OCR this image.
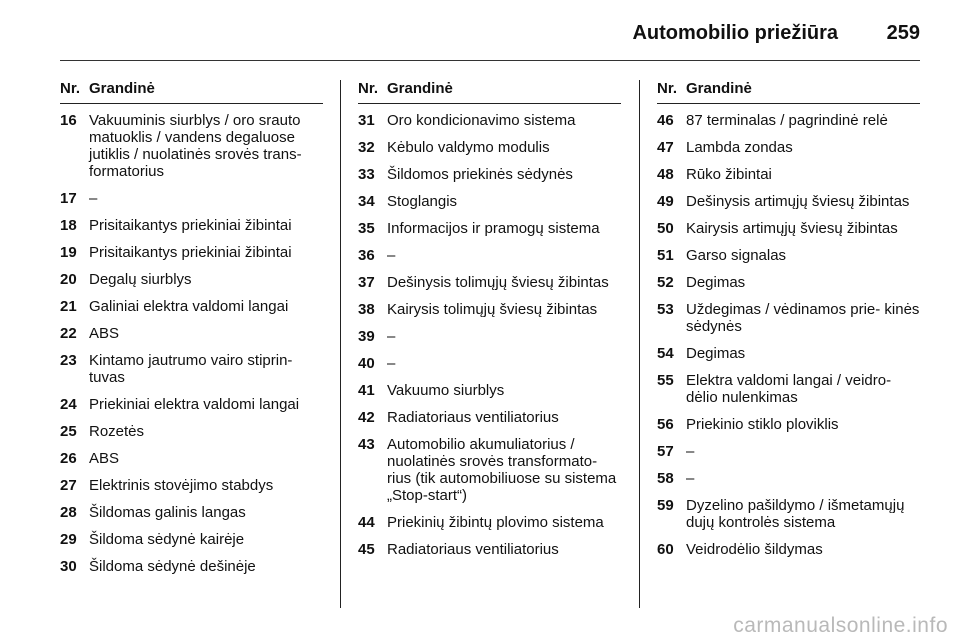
Automobilio priežiūra 259
Nr. Grandinė
16 Vakuuminis siurblys / oro srauto matuoklis / vandens degaluose jutiklis / nuolatinės srovės trans- formatorius
17 –
18 Prisitaikantys priekiniai žibintai
19 Prisitaikantys priekiniai žibintai
20 Degalų siurblys
21 Galiniai elektra valdomi langai
22 ABS
23 Kintamo jautrumo vairo stiprin- tuvas
24 Priekiniai elektra valdomi langai
25 Rozetės
26 ABS
27 Elektrinis stovėjimo stabdys
28 Šildomas galinis langas
29 Šildoma sėdynė kairėje
30 Šildoma sėdynė dešinėje
Nr. Grandinė
31 Oro kondicionavimo sistema
32 Kėbulo valdymo modulis
33 Šildomos priekinės sėdynės
34 Stoglangis
35 Informacijos ir pramogų sistema
36 –
37 Dešinysis tolimųjų šviesų žibintas
38 Kairysis tolimųjų šviesų žibintas
39 –
40 –
41 Vakuumo siurblys
42 Radiatoriaus ventiliatorius
43 Automobilio akumuliatorius / nuolatinės srovės transformato- rius (tik automobiliuose su sistema „Stop-start“)
44 Priekinių žibintų plovimo sistema
45 Radiatoriaus ventiliatorius
Nr. Grandinė
46 87 terminalas / pagrindinė relė
47 Lambda zondas
48 Rūko žibintai
49 Dešinysis artimųjų šviesų žibintas
50 Kairysis artimųjų šviesų žibintas
51 Garso signalas
52 Degimas
53 Uždegimas / vėdinamos prie- kinės sėdynės
54 Degimas
55 Elektra valdomi langai / veidro- dėlio nulenkimas
56 Priekinio stiklo ploviklis
57 –
58 –
59 Dyzelino pašildymo / išmetamųjų dujų kontrolės sistema
60 Veidrodėlio šildymas
carmanualsonline.info
